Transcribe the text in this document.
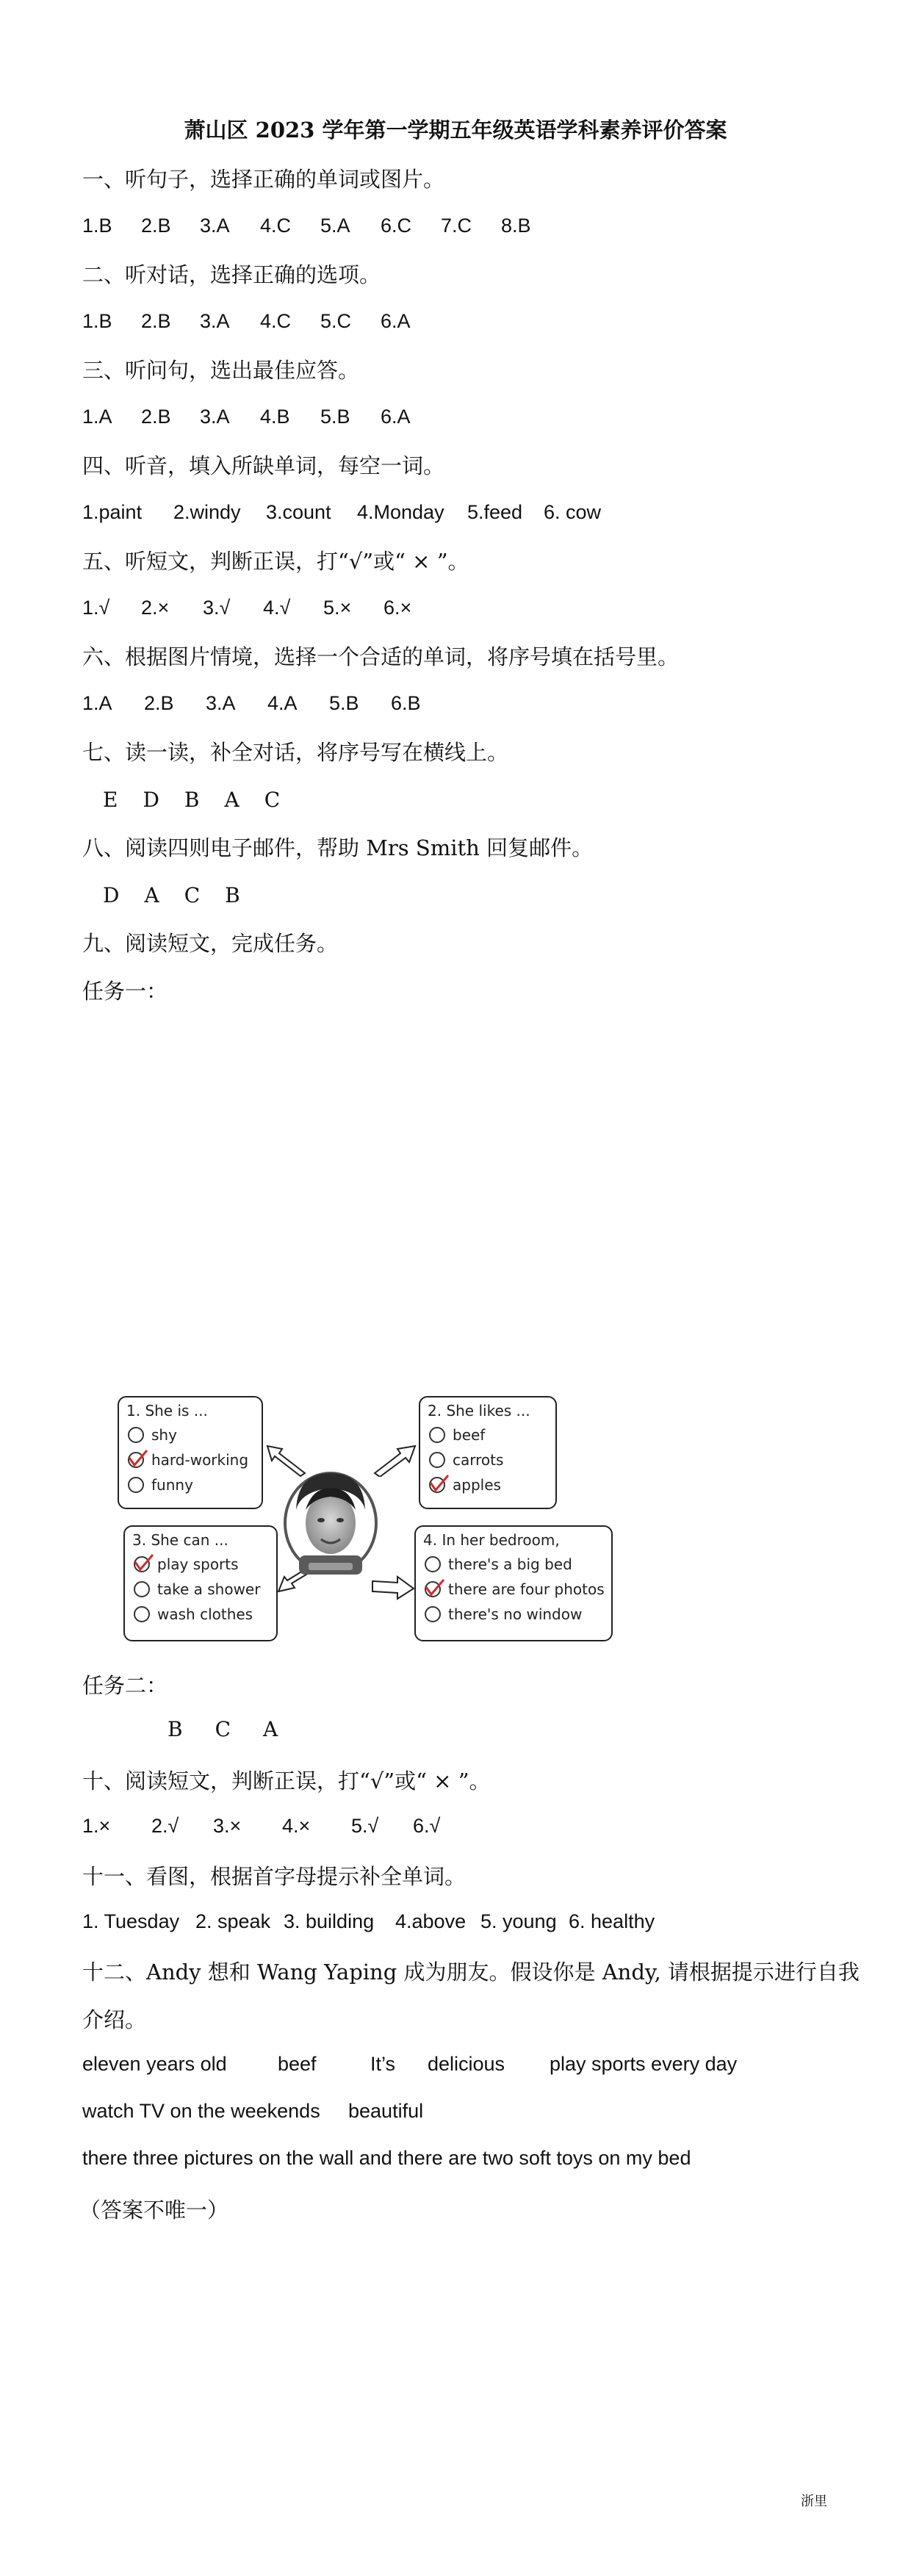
萧山区 2023 学年第一学期五年级英语学科素养评价答案
一、听句子，选择正确的单词或图片。
1.B 2.B 3.A 4.C 5.A 6.C 7.C 8.B
二、听对话，选择正确的选项。
1.B 2.B 3.A 4.C 5.C 6.A
三、听问句，选出最佳应答。
1.A 2.B 3.A 4.B 5.B 6.A
四、听音，填入所缺单词，每空一词。
1.paint 2.windy 3.count 4.Monday 5.feed 6. cow
五、听短文，判断正误，打“√”或“ × ”。
1.√ 2.× 3.√ 4.√ 5.× 6.×
六、根据图片情境，选择一个合适的单词，将序号填在括号里。
1.A 2.B 3.A 4.A 5.B 6.B
七、读一读，补全对话，将序号写在横线上。
E D B A C
八、阅读四则电子邮件，帮助 Mrs Smith 回复邮件。
D A C B
九、阅读短文，完成任务。
任务一：
1. She is ...
shy
hard-working
funny
2. She likes ...
beef
carrots
apples
3. She can ...
play sports
take a shower
wash clothes
4. In her bedroom,
there's a big bed
there are four photos
there's no window
任务二：
B C A
十、阅读短文，判断正误，打“√”或“ × ”。
1.× 2.√ 3.× 4.× 5.√ 6.√
十一、看图，根据首字母提示补全单词。
1. Tuesday 2. speak 3. building 4.above 5. young 6. healthy
十二、Andy 想和 Wang Yaping 成为朋友。假设你是 Andy, 请根据提示进行自我
介绍。
eleven years old	beef	It’s delicious play sports every day
watch TV on the weekends beautiful
there three pictures on the wall and there are two soft toys on my bed
（答案不唯一）
浙里
